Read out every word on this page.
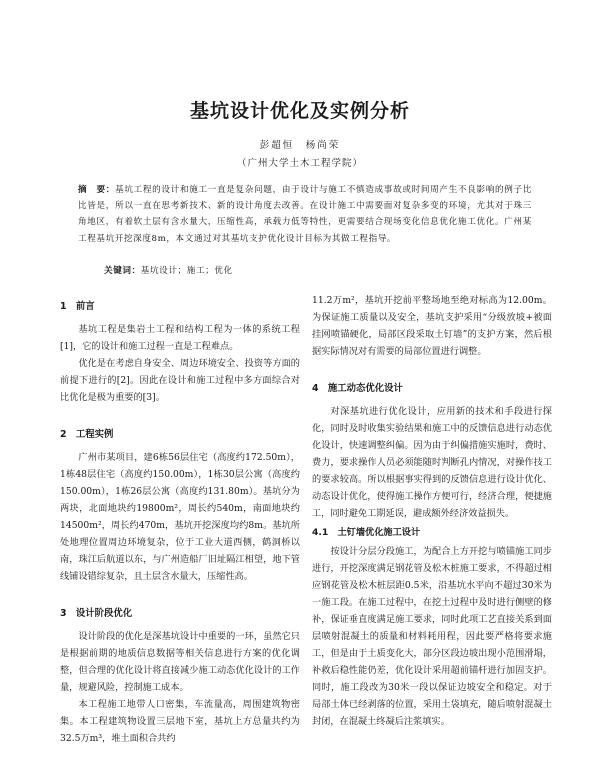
基坑设计优化及实例分析
彭超恒　杨尚荣
（广州大学土木工程学院）
摘　要：基坑工程的设计和施工一直是复杂问题，由于设计与施工不慎造成事故或时间周产生不良影响的例子比比皆是，所以一直在思考新技术、新的设计角度去改善。在设计施工中需要面对复杂多变的环境，尤其对于珠三角地区，有着软土层有含水量大，压缩性高，承载力低等特性，更需要结合现场变化信息优化施工优化。广州某工程基坑开挖深度8m，本文通过对其基坑支护优化设计目标为其做工程指导。
关键词：基坑设计；施工；优化
1　前言

基坑工程是集岩土工程和结构工程为一体的系统工程[1]，它的设计和施工过程一直是工程难点。

优化是在考虑自身安全、周边环境安全、投资等方面的前提下进行的[2]。因此在设计和施工过程中多方面综合对比优化是极为重要的[3]。

2　工程实例

广州市某项目，建6栋56层住宅（高度约172.50m），1栋48层住宅（高度约150.00m），1栋30层公寓（高度约150.00m），1栋26层公寓（高度约131.80m）。基坑分为两块，北面地块约19800m²，周长约540m，南面地块约14500m²，周长约470m，基坑开挖深度均约8m。基坑所处地理位置周边环境复杂，位于工业大道西侧，鹤洞桥以南，珠江后航道以东，与广州造船厂旧址隔江相望，地下管线铺设错综复杂，且土层含水量大，压缩性高。

3　设计阶段优化

设计阶段的优化是深基坑设计中重要的一环，虽然它只是根据前期的地质信息数据等相关信息进行方案的优化调整，但合理的优化设计将直接减少施工动态优化设计的工作量，规避风险，控制施工成本。

本工程施工地带人口密集，车流量高，周围建筑物密集。本工程建筑物设置三层地下室，基坑上方总量共约为32.5万m³，堆土面积合共约

11.2万m²，基坑开挖前平整场地至绝对标高为12.00m。为保证施工质量以及安全，基坑支护采用“分级放坡+被面挂网喷锚硬化，局部区段采取土钉墙”的支护方案，然后根据实际情况对有需要的局部位置进行调整。

4　施工动态优化设计

对深基坑进行优化设计，应用新的技术和手段进行探化，同时及时收集实验结果和施工中的反馈信息进行动态优化设计，快速调整纠偏。因为由于纠偏措施实施时，费时、费力，要求操作人员必须能随时判断孔内情况，对操作技工的要求较高。所以根据事实得到的反馈信息进行设计优化、动态设计优化，使得施工操作方便可行，经济合理，便捷施工，同时避免工期延误，避成额外经济效益损失。

4.1　土钉墙优化施工设计

按设计分层分段施工，为配合上方开挖与喷锚施工同步进行，开挖深度满足钢花管及松木桩施工要求，不得超过相应钢花管及松木桩层距0.5米，沿基坑水平向不超过30米为一施工段。在施工过程中，在挖土过程中及时进行侧壁的修补，保证垂直度满足施工要求，同时此项工艺直接关系到面层喷射混凝土的质量和材料耗用程，因此要严格将要求施工，但是由于土质变化大，部分区段边坡出现小范围滑塌，补救后稳性能仍差，优化设计采用超前锚杆进行加固支护。同时，施工段改为30米一段以保证边坡安全和稳定。对于局部土体已经剥落的位置，采用土袋填充，随后喷射混凝土封闭，在混凝土终凝后注浆填实。
